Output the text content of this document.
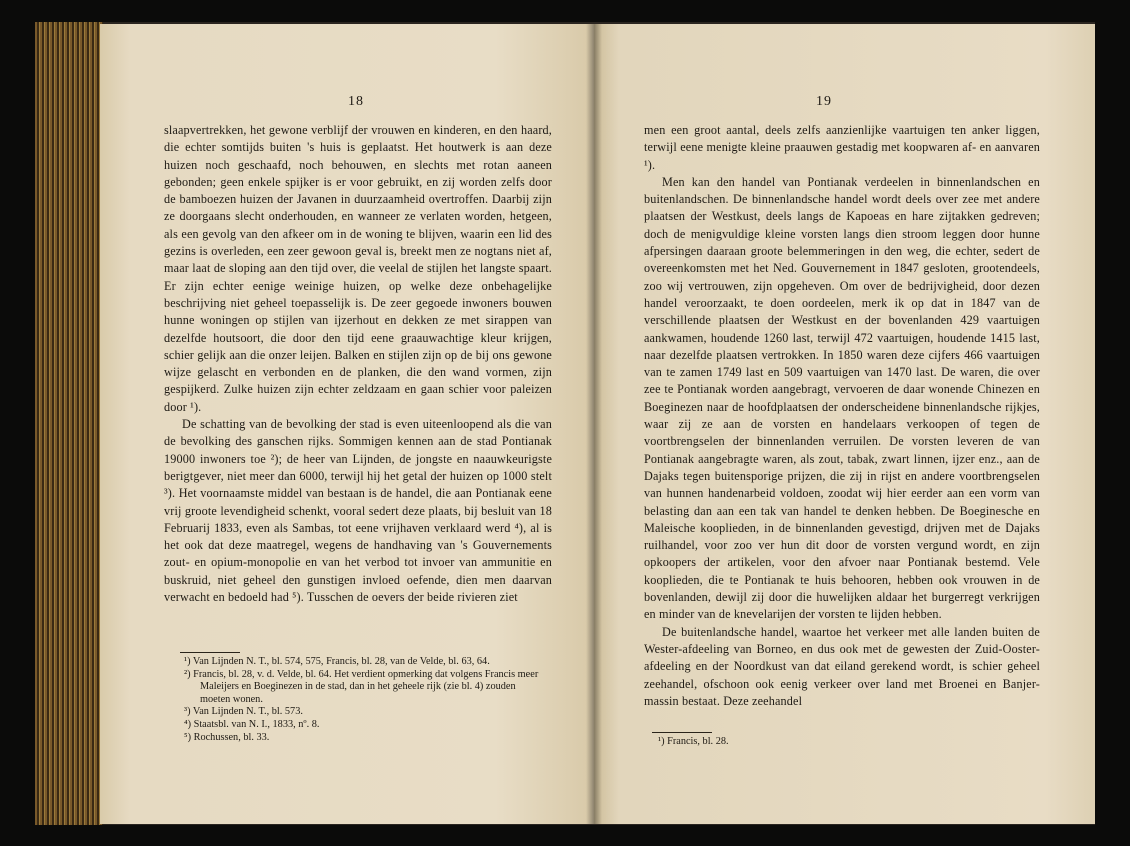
18

slaapvertrekken, het gewone verblijf der vrouwen en kinderen, en den haard, die echter somtijds buiten 's huis is geplaatst. Het houtwerk is aan deze huizen noch geschaafd, noch behouwen, en slechts met rotan aaneen gebonden; geen enkele spijker is er voor gebruikt, en zij worden zelfs door de bamboezen huizen der Javanen in duurzaamheid overtroffen. Daarbij zijn ze doorgaans slecht onderhouden, en wanneer ze verlaten worden, hetgeen, als een gevolg van den afkeer om in de woning te blijven, waarin een lid des gezins is overleden, een zeer gewoon geval is, breekt men ze nogtans niet af, maar laat de sloping aan den tijd over, die veelal de stijlen het langste spaart. Er zijn echter eenige weinige huizen, op welke deze onbehagelijke beschrijving niet geheel toepasselijk is. De zeer gegoede inwoners bouwen hunne woningen op stijlen van ijzerhout en dekken ze met sirappen van dezelfde houtsoort, die door den tijd eene graauwachtige kleur krijgen, schier gelijk aan die onzer leijen. Balken en stijlen zijn op de bij ons gewone wijze gelascht en verbonden en de planken, die den wand vormen, zijn gespijkerd. Zulke huizen zijn echter zeldzaam en gaan schier voor paleizen door ¹).

De schatting van de bevolking der stad is even uiteenloopend als die van de bevolking des ganschen rijks. Sommigen kennen aan de stad Pontianak 19000 inwoners toe ²); de heer van Lijnden, de jongste en naauwkeurigste berigtgever, niet meer dan 6000, terwijl hij het getal der huizen op 1000 stelt ³). Het voornaamste middel van bestaan is de handel, die aan Pontianak eene vrij groote levendigheid schenkt, vooral sedert deze plaats, bij besluit van 18 Februarij 1833, even als Sambas, tot eene vrijhaven verklaard werd ⁴), al is het ook dat deze maatregel, wegens de handhaving van 's Gouvernements zout- en opium-monopolie en van het verbod tot invoer van ammunitie en buskruid, niet geheel den gunstigen invloed oefende, dien men daarvan verwacht en bedoeld had ⁵). Tusschen de oevers der beide rivieren ziet

¹) Van Lijnden N. T., bl. 574, 575, Francis, bl. 28, van de Velde, bl. 63, 64.

²) Francis, bl. 28, v. d. Velde, bl. 64. Het verdient opmerking dat volgens Francis meer Maleijers en Boeginezen in de stad, dan in het geheele rijk (zie bl. 4) zouden moeten wonen.

³) Van Lijnden N. T., bl. 573.

⁴) Staatsbl. van N. I., 1833, nº. 8.

⁵) Rochussen, bl. 33.

19

men een groot aantal, deels zelfs aanzienlijke vaartuigen ten anker liggen, terwijl eene menigte kleine praauwen gestadig met koopwaren af- en aanvaren ¹).

Men kan den handel van Pontianak verdeelen in binnenlandschen en buitenlandschen. De binnenlandsche handel wordt deels over zee met andere plaatsen der Westkust, deels langs de Kapoeas en hare zijtakken gedreven; doch de menigvuldige kleine vorsten langs dien stroom leggen door hunne afpersingen daaraan groote belemmeringen in den weg, die echter, sedert de overeenkomsten met het Ned. Gouvernement in 1847 gesloten, grootendeels, zoo wij vertrouwen, zijn opgeheven. Om over de bedrijvigheid, door dezen handel veroorzaakt, te doen oordeelen, merk ik op dat in 1847 van de verschillende plaatsen der Westkust en der bovenlanden 429 vaartuigen aankwamen, houdende 1260 last, terwijl 472 vaartuigen, houdende 1415 last, naar dezelfde plaatsen vertrokken. In 1850 waren deze cijfers 466 vaartuigen van te zamen 1749 last en 509 vaartuigen van 1470 last. De waren, die over zee te Pontianak worden aangebragt, vervoeren de daar wonende Chinezen en Boeginezen naar de hoofdplaatsen der onderscheidene binnenlandsche rijkjes, waar zij ze aan de vorsten en handelaars verkoopen of tegen de voortbrengselen der binnenlanden verruilen. De vorsten leveren de van Pontianak aangebragte waren, als zout, tabak, zwart linnen, ijzer enz., aan de Dajaks tegen buitensporige prijzen, die zij in rijst en andere voortbrengselen van hunnen handenarbeid voldoen, zoodat wij hier eerder aan een vorm van belasting dan aan een tak van handel te denken hebben. De Boeginesche en Maleische kooplieden, in de binnenlanden gevestigd, drijven met de Dajaks ruilhandel, voor zoo ver hun dit door de vorsten vergund wordt, en zijn opkoopers der artikelen, voor den afvoer naar Pontianak bestemd. Vele kooplieden, die te Pontianak te huis behooren, hebben ook vrouwen in de bovenlanden, dewijl zij door die huwelijken aldaar het burgerregt verkrijgen en minder van de knevelarijen der vorsten te lijden hebben.

De buitenlandsche handel, waartoe het verkeer met alle landen buiten de Wester-afdeeling van Borneo, en dus ook met de gewesten der Zuid-Ooster-afdeeling en der Noordkust van dat eiland gerekend wordt, is schier geheel zeehandel, ofschoon ook eenig verkeer over land met Broenei en Banjer-massin bestaat. Deze zeehandel

¹) Francis, bl. 28.
